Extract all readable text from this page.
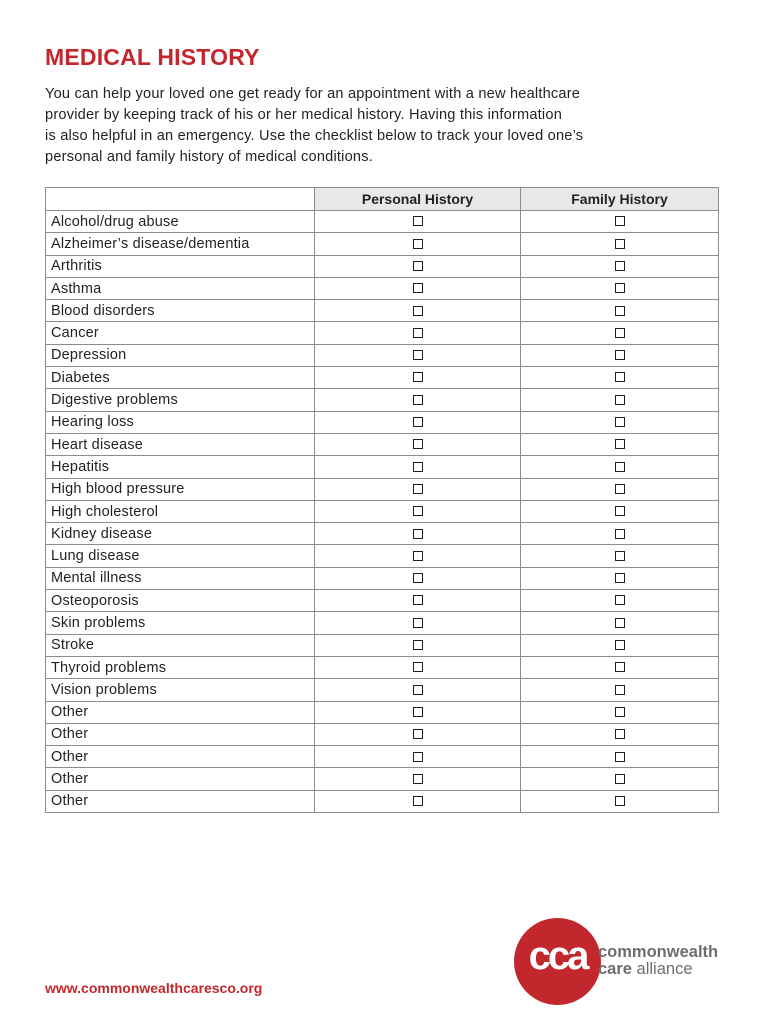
MEDICAL HISTORY
You can help your loved one get ready for an appointment with a new healthcare
provider by keeping track of his or her medical history. Having this information
is also helpful in an emergency. Use the checklist below to track your loved one’s
personal and family history of medical conditions.
	Personal History	Family History
Alcohol/drug abuse		
Alzheimer’s disease/dementia		
Arthritis		
Asthma		
Blood disorders		
Cancer		
Depression		
Diabetes		
Digestive problems		
Hearing loss		
Heart disease		
Hepatitis		
High blood pressure		
High cholesterol		
Kidney disease		
Lung disease		
Mental illness		
Osteoporosis		
Skin problems		
Stroke		
Thyroid problems		
Vision problems		
Other		
Other		
Other		
Other		
Other		
www.commonwealthcaresco.org
cca commonwealth
care alliance
